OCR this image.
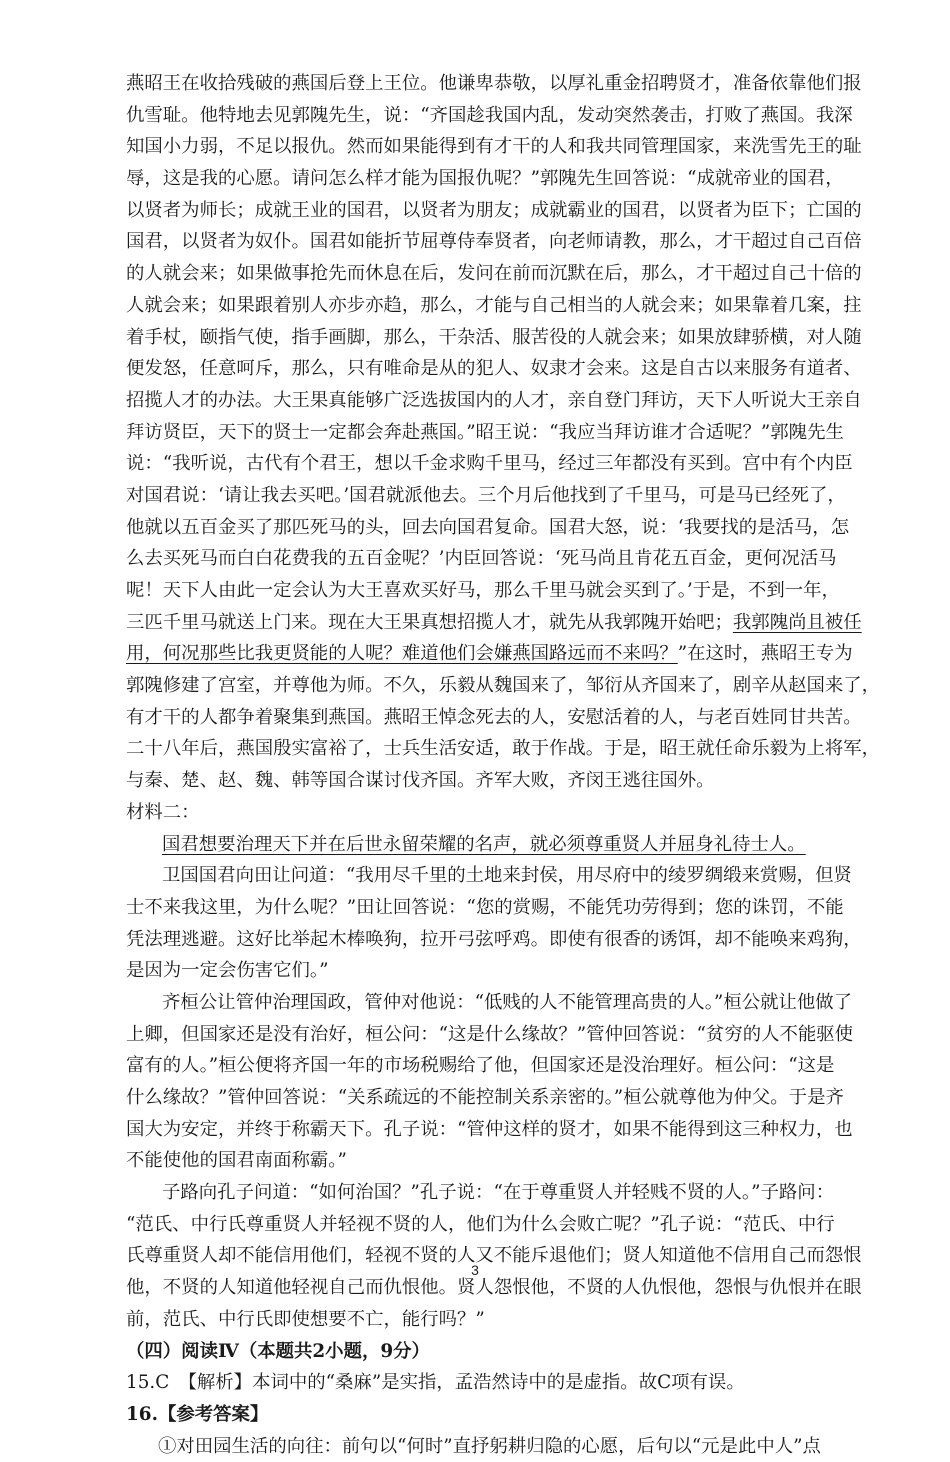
燕昭王在收拾残破的燕国后登上王位。他谦卑恭敬，以厚礼重金招聘贤才，准备依靠他们报
仇雪耻。他特地去见郭隗先生，说：“齐国趁我国内乱，发动突然袭击，打败了燕国。我深
知国小力弱，不足以报仇。然而如果能得到有才干的人和我共同管理国家，来洗雪先王的耻
辱，这是我的心愿。请问怎么样才能为国报仇呢？”郭隗先生回答说：“成就帝业的国君，
以贤者为师长；成就王业的国君，以贤者为朋友；成就霸业的国君，以贤者为臣下；亡国的
国君，以贤者为奴仆。国君如能折节屈尊侍奉贤者，向老师请教，那么，才干超过自己百倍
的人就会来；如果做事抢先而休息在后，发问在前而沉默在后，那么，才干超过自己十倍的
人就会来；如果跟着别人亦步亦趋，那么，才能与自己相当的人就会来；如果靠着几案，拄
着手杖，颐指气使，指手画脚，那么，干杂活、服苦役的人就会来；如果放肆骄横，对人随
便发怒，任意呵斥，那么，只有唯命是从的犯人、奴隶才会来。这是自古以来服务有道者、
招揽人才的办法。大王果真能够广泛选拔国内的人才，亲自登门拜访，天下人听说大王亲自
拜访贤臣，天下的贤士一定都会奔赴燕国。”昭王说：“我应当拜访谁才合适呢？”郭隗先生
说：“我听说，古代有个君王，想以千金求购千里马，经过三年都没有买到。宫中有个内臣
对国君说：‘请让我去买吧。’国君就派他去。三个月后他找到了千里马，可是马已经死了，
他就以五百金买了那匹死马的头，回去向国君复命。国君大怒，说：‘我要找的是活马，怎
么去买死马而白白花费我的五百金呢？’内臣回答说：‘死马尚且肯花五百金，更何况活马
呢！天下人由此一定会认为大王喜欢买好马，那么千里马就会买到了。’于是，不到一年，
三匹千里马就送上门来。现在大王果真想招揽人才，就先从我郭隗开始吧；我郭隗尚且被任
用，何况那些比我更贤能的人呢？难道他们会嫌燕国路远而不来吗？”在这时，燕昭王专为
郭隗修建了宫室，并尊他为师。不久，乐毅从魏国来了，邹衍从齐国来了，剧辛从赵国来了，
有才干的人都争着聚集到燕国。燕昭王悼念死去的人，安慰活着的人，与老百姓同甘共苦。
二十八年后，燕国殷实富裕了，士兵生活安适，敢于作战。于是，昭王就任命乐毅为上将军，
与秦、楚、赵、魏、韩等国合谋讨伐齐国。齐军大败，齐闵王逃往国外。
材料二：
国君想要治理天下并在后世永留荣耀的名声，就必须尊重贤人并屈身礼待士人。
卫国国君向田让问道：“我用尽千里的土地来封侯，用尽府中的绫罗绸缎来赏赐，但贤
士不来我这里，为什么呢？”田让回答说：“您的赏赐，不能凭功劳得到；您的诛罚，不能
凭法理逃避。这好比举起木棒唤狗，拉开弓弦呼鸡。即使有很香的诱饵，却不能唤来鸡狗，
是因为一定会伤害它们。”
齐桓公让管仲治理国政，管仲对他说：“低贱的人不能管理高贵的人。”桓公就让他做了
上卿，但国家还是没有治好，桓公问：“这是什么缘故？”管仲回答说：“贫穷的人不能驱使
富有的人。”桓公便将齐国一年的市场税赐给了他，但国家还是没治理好。桓公问：“这是
什么缘故？”管仲回答说：“关系疏远的不能控制关系亲密的。”桓公就尊他为仲父。于是齐
国大为安定，并终于称霸天下。孔子说：“管仲这样的贤才，如果不能得到这三种权力，也
不能使他的国君南面称霸。”
子路向孔子问道：“如何治国？”孔子说：“在于尊重贤人并轻贱不贤的人。”子路问：
“范氏、中行氏尊重贤人并轻视不贤的人，他们为什么会败亡呢？”孔子说：“范氏、中行
氏尊重贤人却不能信用他们，轻视不贤的人又不能斥退他们；贤人知道他不信用自己而怨恨
他，不贤的人知道他轻视自己而仇恨他。贤人怨恨他，不贤的人仇恨他，怨恨与仇恨并在眼
前，范氏、中行氏即使想要不亡，能行吗？”
（四）阅读Ⅳ（本题共2小题，9分）
15.C　【解析】本词中的“桑麻”是实指，孟浩然诗中的是虚指。故C项有误。
16.【参考答案】
①对田园生活的向往：前句以“何时”直抒躬耕归隐的心愿，后句以“元是此中人”点
3
